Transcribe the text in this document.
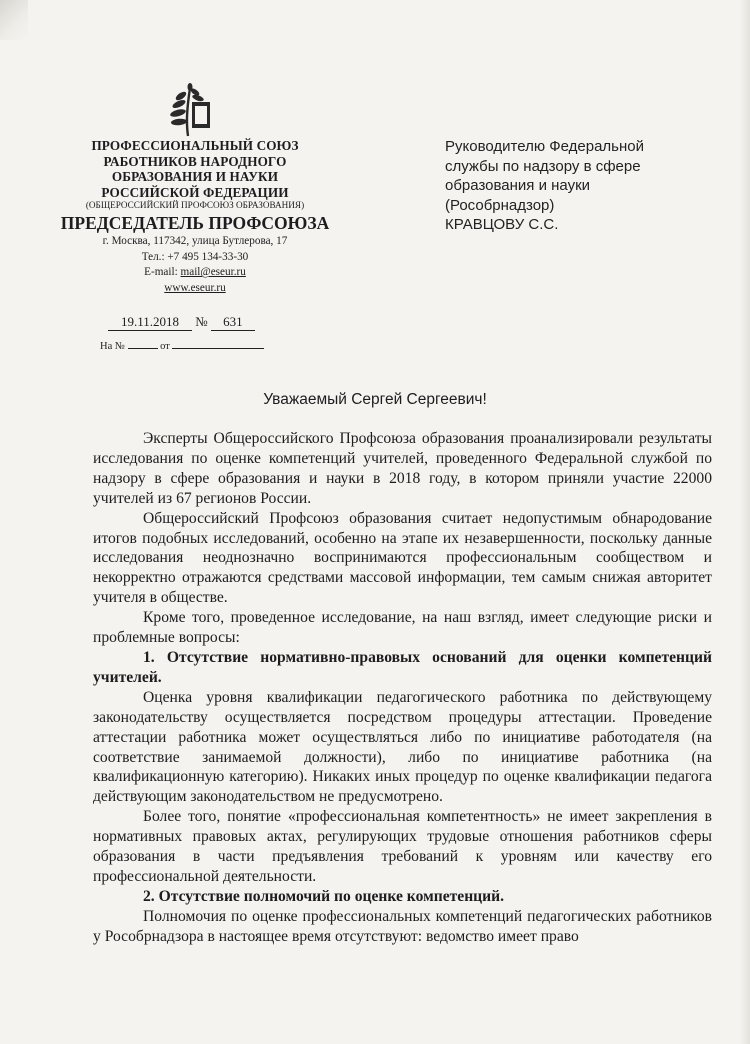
ПРОФЕССИОНАЛЬНЫЙ СОЮЗ
РАБОТНИКОВ НАРОДНОГО
ОБРАЗОВАНИЯ И НАУКИ
РОССИЙСКОЙ ФЕДЕРАЦИИ
(ОБЩЕРОССИЙСКИЙ ПРОФСОЮЗ ОБРАЗОВАНИЯ)
ПРЕДСЕДАТЕЛЬ ПРОФСОЮЗА
г. Москва, 117342, улица Бутлерова, 17
Тел.: +7 495 134-33-30
E-mail: mail@eseur.ru
www.eseur.ru
Руководителю Федеральной
службы по надзору в сфере
образования и науки
(Рособрнадзор)
КРАВЦОВУ С.С.
19.11.2018 № 631
На №	от
Уважаемый Сергей Сергеевич!

Эксперты Общероссийского Профсоюза образования проанализировали результаты исследования по оценке компетенций учителей, проведенного Федеральной службой по надзору в сфере образования и науки в 2018 году, в котором приняли участие 22000 учителей из 67 регионов России.

Общероссийский Профсоюз образования считает недопустимым обнародование итогов подобных исследований, особенно на этапе их незавершенности, поскольку данные исследования неоднозначно воспринимаются профессиональным сообществом и некорректно отражаются средствами массовой информации, тем самым снижая авторитет учителя в обществе.

Кроме того, проведенное исследование, на наш взгляд, имеет следующие риски и проблемные вопросы:

1. Отсутствие нормативно-правовых оснований для оценки компетенций учителей.

Оценка уровня квалификации педагогического работника по действующему законодательству осуществляется посредством процедуры аттестации. Проведение аттестации работника может осуществляться либо по инициативе работодателя (на соответствие занимаемой должности), либо по инициативе работника (на квалификационную категорию). Никаких иных процедур по оценке квалификации педагога действующим законодательством не предусмотрено.

Более того, понятие «профессиональная компетентность» не имеет закрепления в нормативных правовых актах, регулирующих трудовые отношения работников сферы образования в части предъявления требований к уровням или качеству его профессиональной деятельности.

2. Отсутствие полномочий по оценке компетенций.

Полномочия по оценке профессиональных компетенций педагогических работников у Рособрнадзора в настоящее время отсутствуют: ведомство имеет право
